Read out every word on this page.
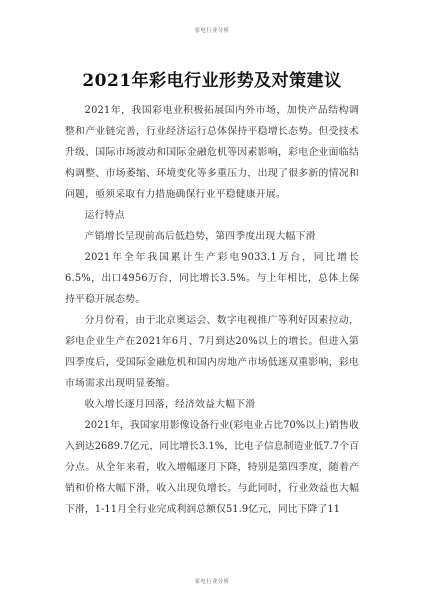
家电行业分析
2021年彩电行业形势及对策建议

2021年，我国彩电业积极拓展国内外市场，加快产品结构调整和产业链完善，行业经济运行总体保持平稳增长态势。但受技术升级、国际市场波动和国际金融危机等因素影响，彩电企业面临结构调整、市场萎缩、环境变化等多重压力，出现了很多新的情况和问题，亟须采取有力措施确保行业平稳健康开展。

运行特点

产销增长呈现前高后低趋势，第四季度出现大幅下滑

2021年全年我国累计生产彩电9033.1万台，同比增长6.5%，出口4956万台，同比增长3.5%。与上年相比，总体上保持平稳开展态势。

分月份看，由于北京奥运会、数字电视推广等利好因素拉动，彩电企业生产在2021年6月、7月到达20%以上的增长。但进入第四季度后，受国际金融危机和国内房地产市场低迷双重影响，彩电市场需求出现明显萎缩。

收入增长逐月回落，经济效益大幅下滑

2021年，我国家用影像设备行业(彩电业占比70%以上)销售收入到达2689.7亿元，同比增长3.1%，比电子信息制造业低7.7个百分点。从全年来看，收入增幅逐月下降，特别是第四季度，随着产销和价格大幅下滑，收入出现负增长。与此同时，行业效益也大幅下滑，1-11月全行业完成利润总额仅51.9亿元，同比下降了11

家电行业分析
